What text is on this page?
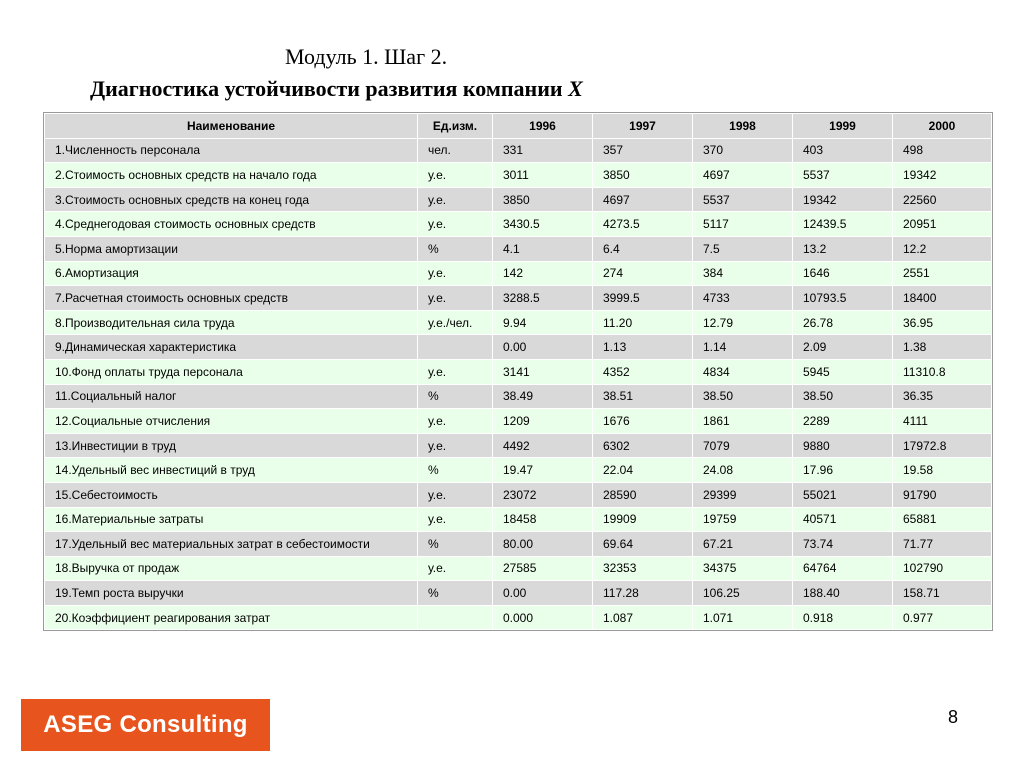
Модуль 1. Шаг 2.
Диагностика устойчивости развития компании X
Наименование	Ед.изм.	1996	1997	1998	1999	2000
1.Численность персонала	чел.	331	357	370	403	498
2.Стоимость основных средств на начало года	у.е.	3011	3850	4697	5537	19342
3.Стоимость основных средств на конец года	у.е.	3850	4697	5537	19342	22560
4.Среднегодовая стоимость основных средств	у.е.	3430.5	4273.5	5117	12439.5	20951
5.Норма амортизации	%	4.1	6.4	7.5	13.2	12.2
6.Амортизация	у.е.	142	274	384	1646	2551
7.Расчетная стоимость основных средств	у.е.	3288.5	3999.5	4733	10793.5	18400
8.Производительная сила труда	у.е./чел.	9.94	11.20	12.79	26.78	36.95
9.Динамическая характеристика		0.00	1.13	1.14	2.09	1.38
10.Фонд оплаты труда персонала	у.е.	3141	4352	4834	5945	11310.8
11.Социальный налог	%	38.49	38.51	38.50	38.50	36.35
12.Социальные отчисления	у.е.	1209	1676	1861	2289	4111
13.Инвестиции в труд	у.е.	4492	6302	7079	9880	17972.8
14.Удельный вес инвестиций в труд	%	19.47	22.04	24.08	17.96	19.58
15.Себестоимость	у.е.	23072	28590	29399	55021	91790
16.Материальные затраты	у.е.	18458	19909	19759	40571	65881
17.Удельный вес материальных затрат в себестоимости	%	80.00	69.64	67.21	73.74	71.77
18.Выручка от продаж	у.е.	27585	32353	34375	64764	102790
19.Темп роста выручки	%	0.00	117.28	106.25	188.40	158.71
20.Коэффициент реагирования затрат		0.000	1.087	1.071	0.918	0.977
ASEG
Consulting	8
